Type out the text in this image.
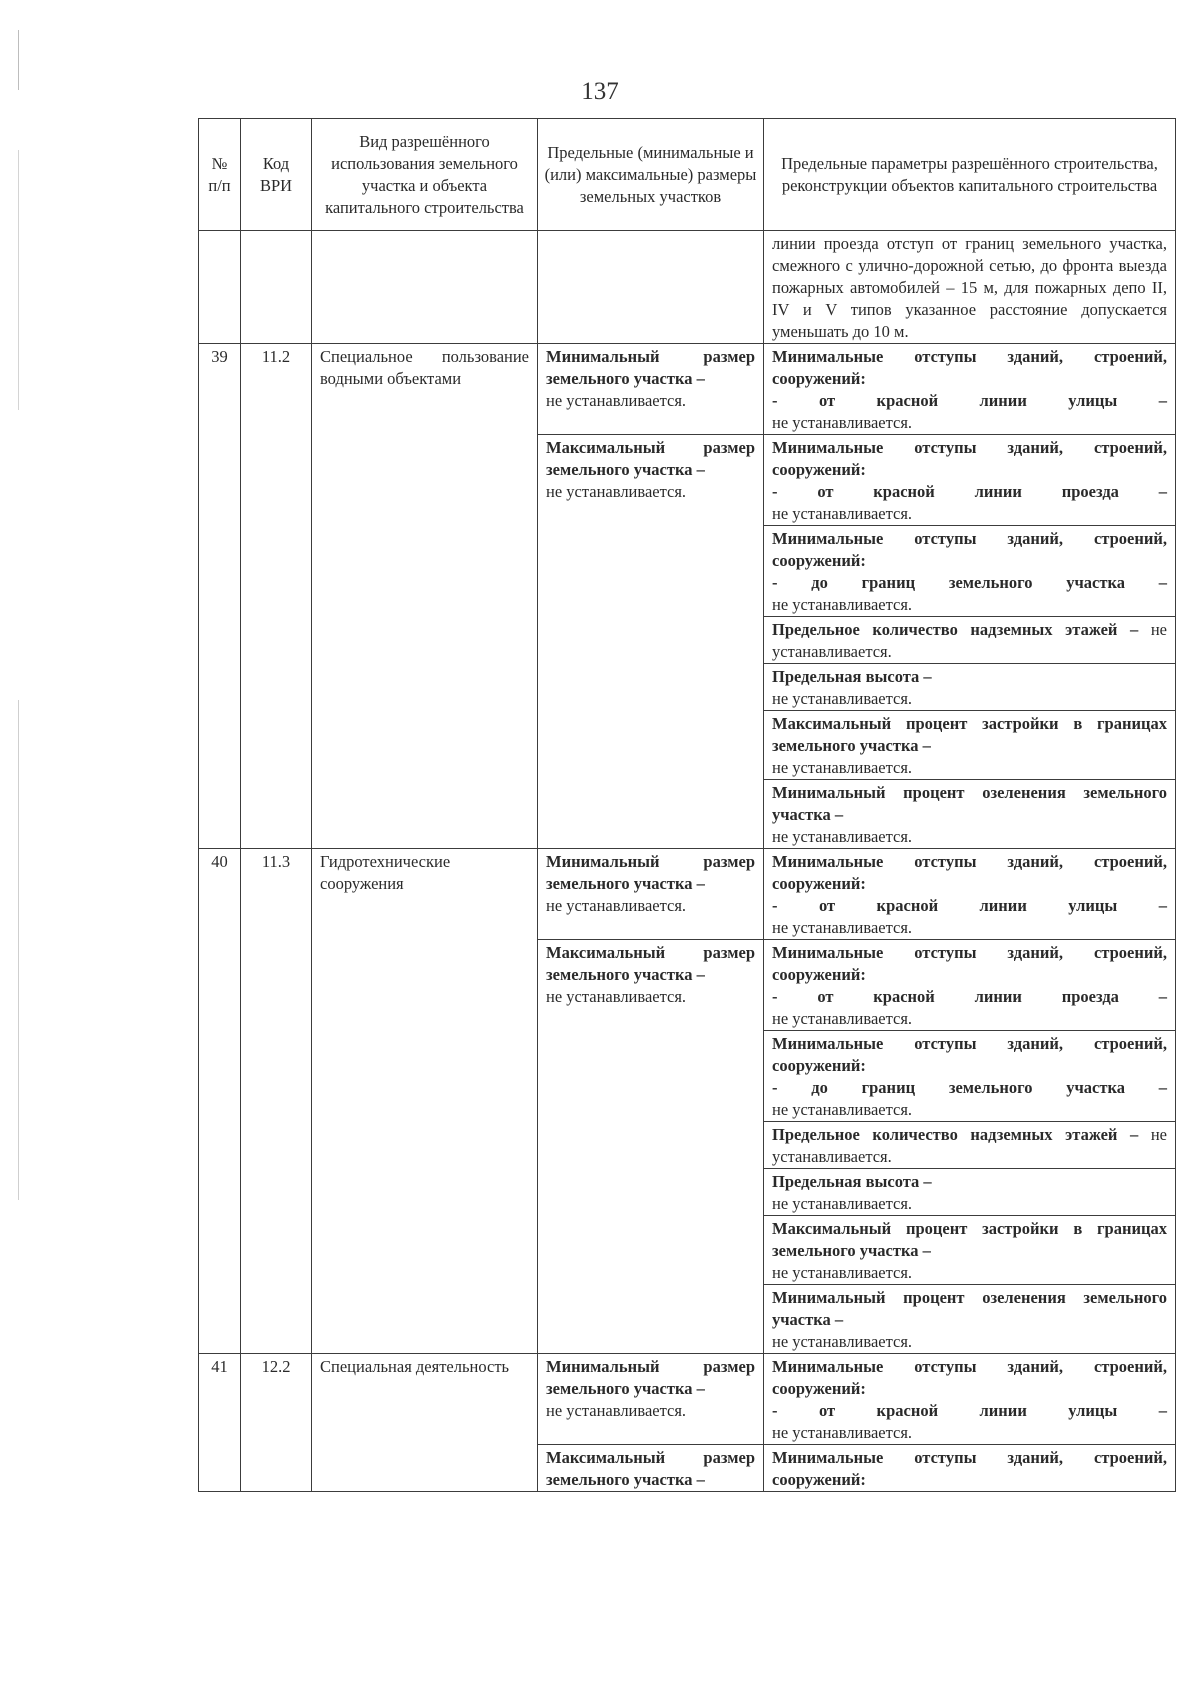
137
№ п/п	Код ВРИ	Вид разрешённого использования земельного участка и объекта капитального строительства	Предельные (минимальные и (или) максимальные) размеры земельных участков	Предельные параметры разрешённого строительства, реконструкции объектов капитального строительства
				линии проезда отступ от границ земельного участка, смежного с улично-дорожной сетью, до фронта выезда пожарных автомобилей – 15 м, для пожарных депо II, IV и V типов указанное расстояние допускается уменьшать до 10 м.
39	11.2	Специальное пользование водными объектами	Минимальный размер земельного участка –
не устанавливается.	Минимальные отступы зданий, строений, сооружений:
- от красной линии улицы –
не устанавливается.
			Максимальный размер земельного участка –
не устанавливается.	Минимальные отступы зданий, строений, сооружений:
- от красной линии проезда –
не устанавливается.
				Минимальные отступы зданий, строений, сооружений:
- до границ земельного участка –
не устанавливается.
				Предельное количество надземных этажей – не устанавливается.
				Предельная высота –
не устанавливается.
				Максимальный процент застройки в границах земельного участка –
не устанавливается.
				Минимальный процент озеленения земельного участка –
не устанавливается.
40	11.3	Гидротехнические сооружения	Минимальный размер земельного участка –
не устанавливается.	Минимальные отступы зданий, строений, сооружений:
- от красной линии улицы –
не устанавливается.
			Максимальный размер земельного участка –
не устанавливается.	Минимальные отступы зданий, строений, сооружений:
- от красной линии проезда –
не устанавливается.
				Минимальные отступы зданий, строений, сооружений:
- до границ земельного участка –
не устанавливается.
				Предельное количество надземных этажей – не устанавливается.
				Предельная высота –
не устанавливается.
				Максимальный процент застройки в границах земельного участка –
не устанавливается.
				Минимальный процент озеленения земельного участка –
не устанавливается.
41	12.2	Специальная деятельность	Минимальный размер земельного участка –
не устанавливается.	Минимальные отступы зданий, строений, сооружений:
- от красной линии улицы –
не устанавливается.
			Максимальный размер земельного участка –	Минимальные отступы зданий, строений, сооружений:
